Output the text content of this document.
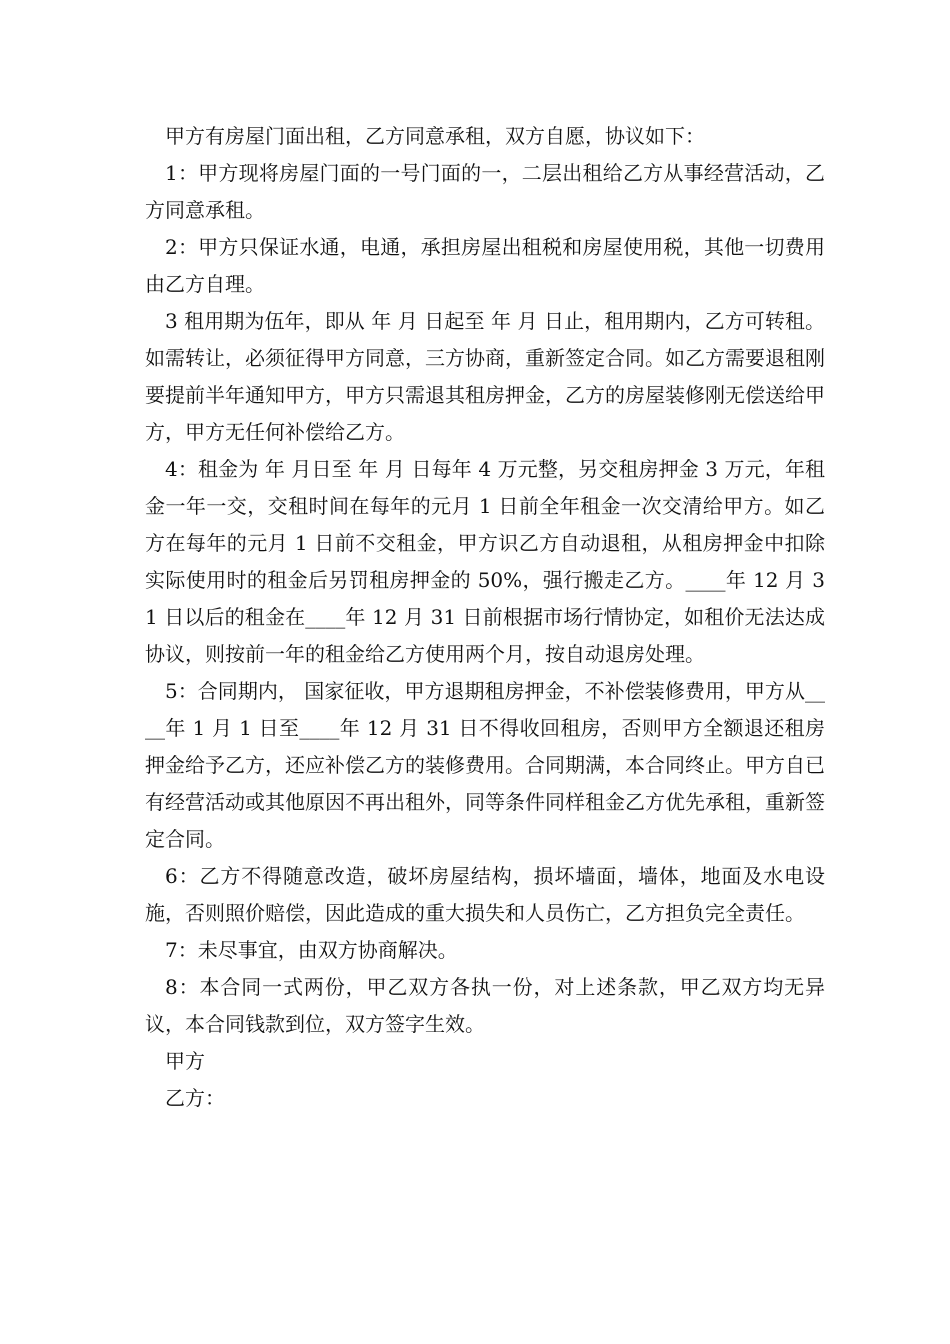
甲方有房屋门面出租，乙方同意承租，双方自愿，协议如下：

1：甲方现将房屋门面的一号门面的一，二层出租给乙方从事经营活动，乙方同意承租。

2：甲方只保证水通，电通，承担房屋出租税和房屋使用税，其他一切费用由乙方自理。

3 租用期为伍年，即从 年 月 日起至 年 月 日止，租用期内，乙方可转租。如需转让，必须征得甲方同意，三方协商，重新签定合同。如乙方需要退租刚要提前半年通知甲方，甲方只需退其租房押金，乙方的房屋装修刚无偿送给甲方，甲方无任何补偿给乙方。

4：租金为 年 月日至 年 月 日每年 4 万元整，另交租房押金 3 万元，年租金一年一交，交租时间在每年的元月 1 日前全年租金一次交清给甲方。如乙方在每年的元月 1 日前不交租金，甲方识乙方自动退租，从租房押金中扣除实际使用时的租金后另罚租房押金的 50%，强行搬走乙方。____年 12 月 31 日以后的租金在____年 12 月 31 日前根据市场行情协定，如租价无法达成协议，则按前一年的租金给乙方使用两个月，按自动退房处理。

5：合同期内， 国家征收，甲方退期租房押金，不补偿装修费用，甲方从____年 1 月 1 日至____年 12 月 31 日不得收回租房，否则甲方全额退还租房押金给予乙方，还应补偿乙方的装修费用。合同期满，本合同终止。甲方自已有经营活动或其他原因不再出租外，同等条件同样租金乙方优先承租，重新签定合同。

6：乙方不得随意改造，破坏房屋结构，损坏墙面，墙体，地面及水电设施，否则照价赔偿，因此造成的重大损失和人员伤亡，乙方担负完全责任。

7：未尽事宜，由双方协商解决。

8：本合同一式两份，甲乙双方各执一份，对上述条款，甲乙双方均无异议，本合同钱款到位，双方签字生效。

甲方

乙方：
